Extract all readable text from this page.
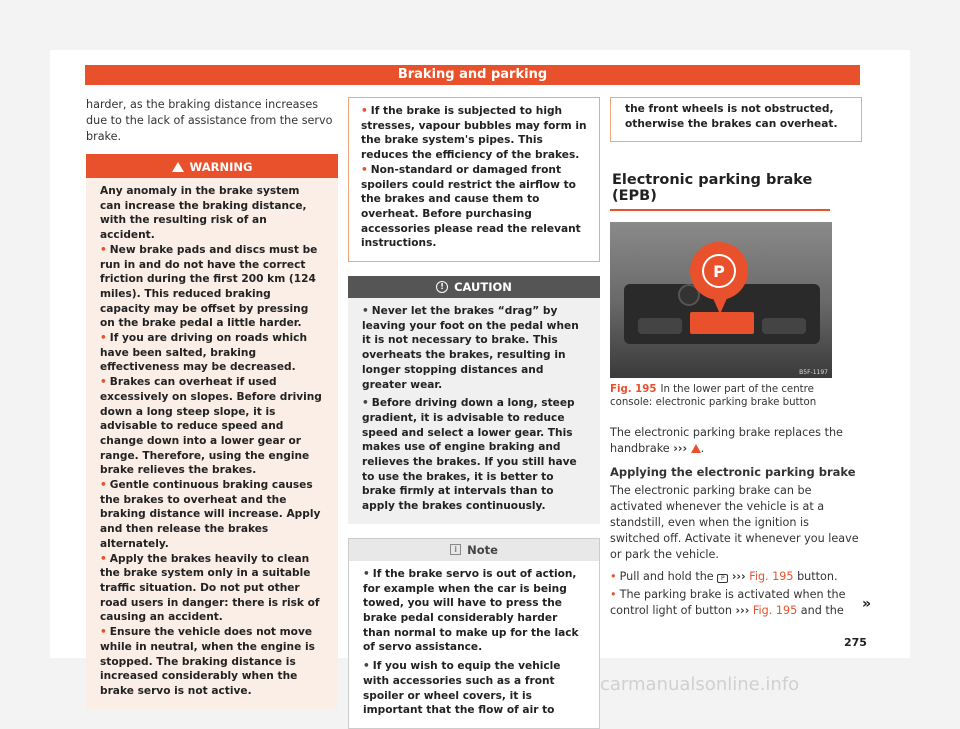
Braking and parking

harder, as the braking distance increases due to the lack of assistance from the servo brake.

WARNING

Any anomaly in the brake system can increase the braking distance, with the resulting risk of an accident.

• New brake pads and discs must be run in and do not have the correct friction during the first 200 km (124 miles). This reduced braking capacity may be offset by pressing on the brake pedal a little harder.

• If you are driving on roads which have been salted, braking effectiveness may be decreased.

• Brakes can overheat if used excessively on slopes. Before driving down a long steep slope, it is advisable to reduce speed and change down into a lower gear or range. Therefore, using the engine brake relieves the brakes.

• Gentle continuous braking causes the brakes to overheat and the braking distance will increase. Apply and then release the brakes alternately.

• Apply the brakes heavily to clean the brake system only in a suitable traffic situation. Do not put other road users in danger: there is risk of causing an accident.

• Ensure the vehicle does not move while in neutral, when the engine is stopped. The braking distance is increased considerably when the brake servo is not active.

• If the brake is subjected to high stresses, vapour bubbles may form in the brake system's pipes. This reduces the efficiency of the brakes.

• Non-standard or damaged front spoilers could restrict the airflow to the brakes and cause them to overheat. Before purchasing accessories please read the relevant instructions.

! CAUTION

• Never let the brakes “drag” by leaving your foot on the pedal when it is not necessary to brake. This overheats the brakes, resulting in longer stopping distances and greater wear.

• Before driving down a long, steep gradient, it is advisable to reduce speed and select a lower gear. This makes use of engine braking and relieves the brakes. If you still have to use the brakes, it is better to brake firmly at intervals than to apply the brakes continuously.

i Note

• If the brake servo is out of action, for example when the car is being towed, you will have to press the brake pedal considerably harder than normal to make up for the lack of servo assistance.

• If you wish to equip the vehicle with accessories such as a front spoiler or wheel covers, it is important that the flow of air to

the front wheels is not obstructed, otherwise the brakes can overheat.
Electronic parking brake (EPB)
P
B5F-1197
Fig. 195 In the lower part of the centre console: electronic parking brake button

The electronic parking brake replaces the handbrake ››› .

Applying the electronic parking brake

The electronic parking brake can be activated whenever the vehicle is at a standstill, even when the ignition is switched off. Activate it whenever you leave or park the vehicle.

• Pull and hold the P ››› Fig. 195 button.

• The parking brake is activated when the control light of button ››› Fig. 195 and the	»
275
carmanualsonline.info
